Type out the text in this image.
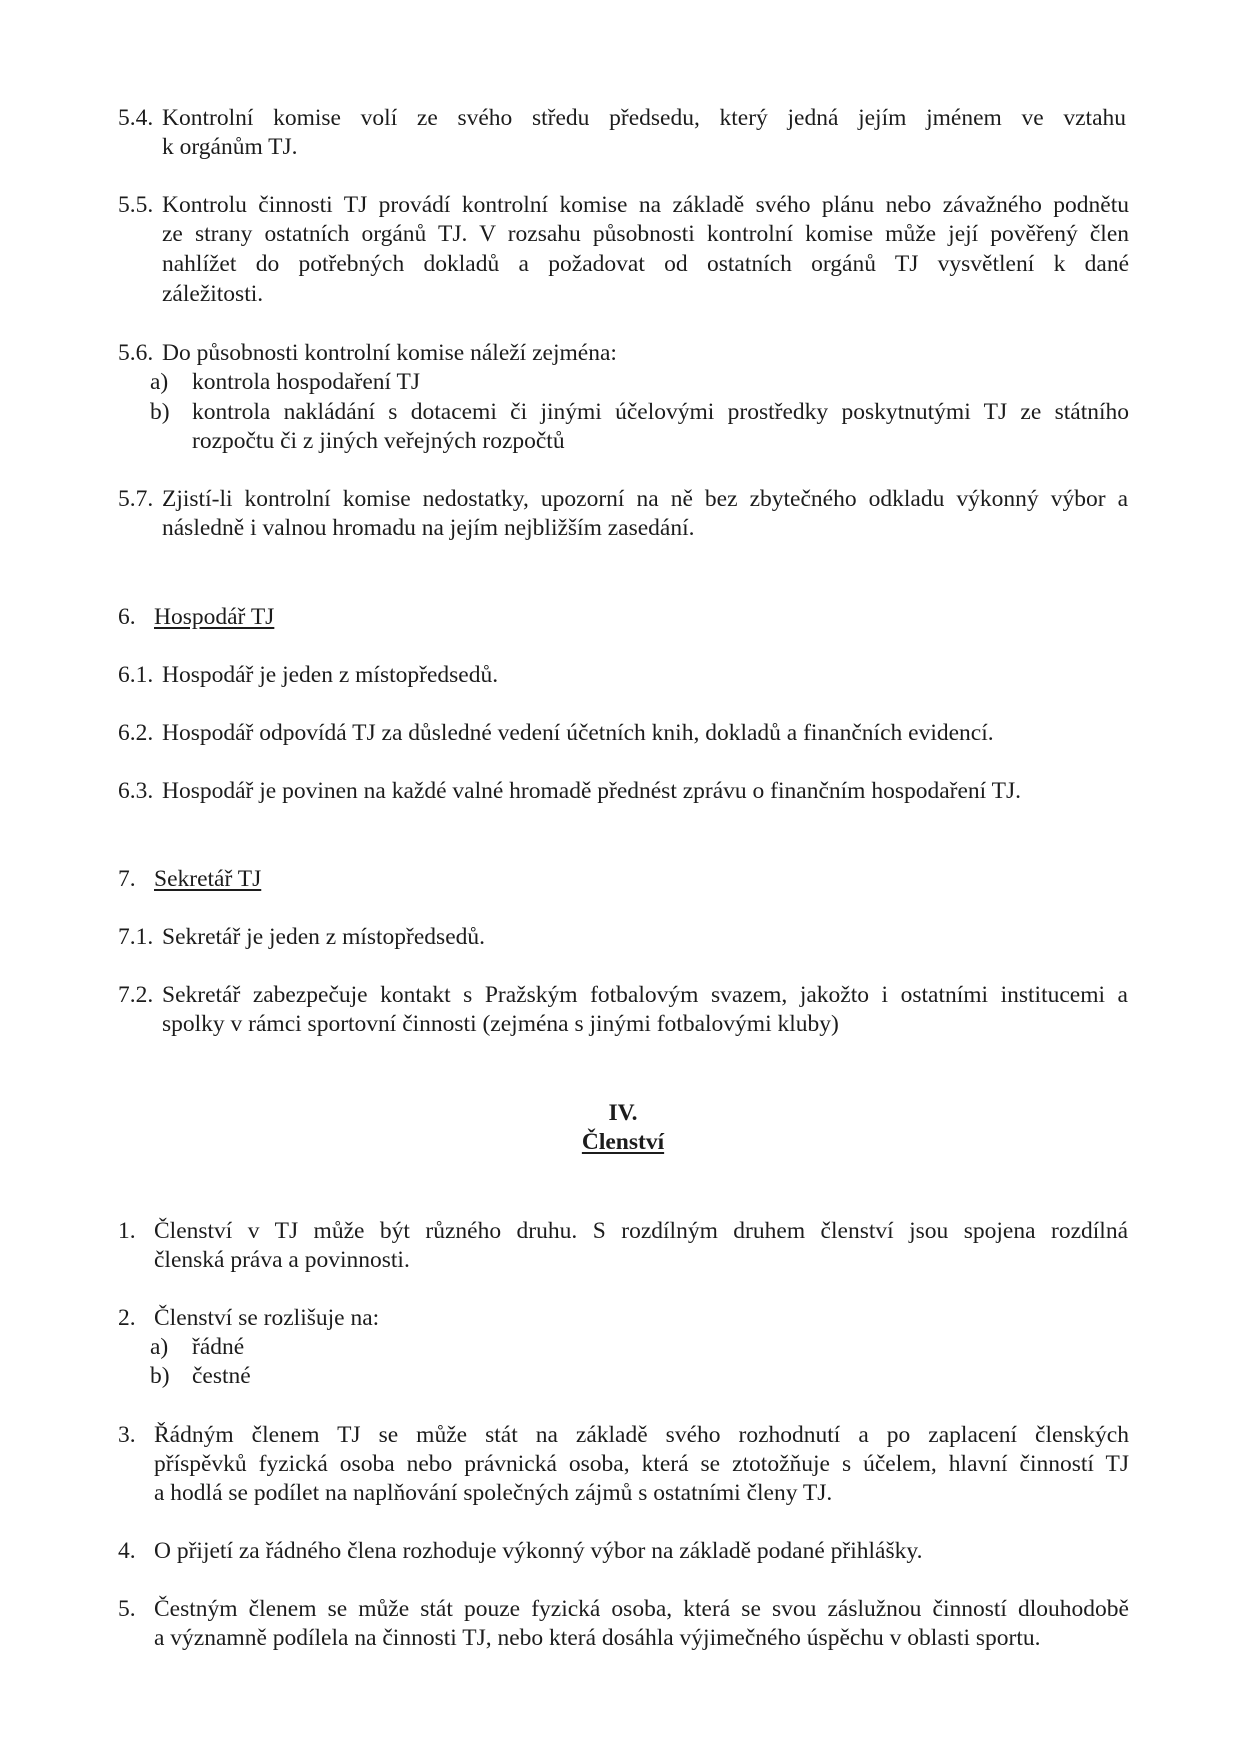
5.4. Kontrolní komise volí ze svého středu předsedu, který jedná jejím jménem ve vztahu
k orgánům TJ.
5.5. Kontrolu činnosti TJ provádí kontrolní komise na základě svého plánu nebo závažného podnětu
ze strany ostatních orgánů TJ. V rozsahu působnosti kontrolní komise může její pověřený člen
nahlížet do potřebných dokladů a požadovat od ostatních orgánů TJ vysvětlení k dané
záležitosti.
5.6. Do působnosti kontrolní komise náleží zejména:
a) kontrola hospodaření TJ
b) kontrola nakládání s dotacemi či jinými účelovými prostředky poskytnutými TJ ze státního
rozpočtu či z jiných veřejných rozpočtů
5.7. Zjistí-li kontrolní komise nedostatky, upozorní na ně bez zbytečného odkladu výkonný výbor a
následně i valnou hromadu na jejím nejbližším zasedání.
6. Hospodář TJ
6.1. Hospodář je jeden z místopředsedů.
6.2. Hospodář odpovídá TJ za důsledné vedení účetních knih, dokladů a finančních evidencí.
6.3. Hospodář je povinen na každé valné hromadě přednést zprávu o finančním hospodaření TJ.
7. Sekretář TJ
7.1. Sekretář je jeden z místopředsedů.
7.2. Sekretář zabezpečuje kontakt s Pražským fotbalovým svazem, jakožto i ostatními institucemi a
spolky v rámci sportovní činnosti (zejména s jinými fotbalovými kluby)
IV.
Členství
1. Členství v TJ může být různého druhu. S rozdílným druhem členství jsou spojena rozdílná
členská práva a povinnosti.
2. Členství se rozlišuje na:
a) řádné
b) čestné
3. Řádným členem TJ se může stát na základě svého rozhodnutí a po zaplacení členských
příspěvků fyzická osoba nebo právnická osoba, která se ztotožňuje s účelem, hlavní činností TJ
a hodlá se podílet na naplňování společných zájmů s ostatními členy TJ.
4. O přijetí za řádného člena rozhoduje výkonný výbor na základě podané přihlášky.
5. Čestným členem se může stát pouze fyzická osoba, která se svou záslužnou činností dlouhodobě
a významně podílela na činnosti TJ, nebo která dosáhla výjimečného úspěchu v oblasti sportu.
